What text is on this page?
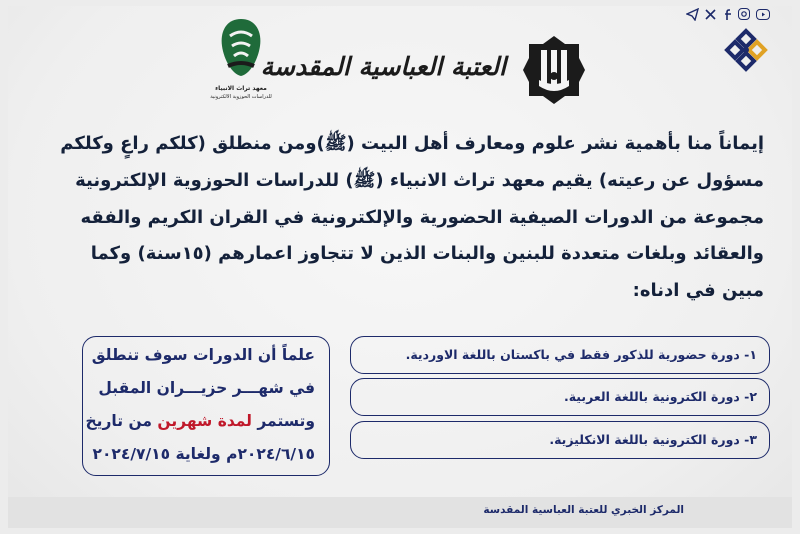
العتبة العباسية المقدسة
معهد تراث الانبياء
للدراسات الحوزوية الالكترونية

إيماناً منا بأهمية نشر علوم ومعارف أهل البيت (ﷺ)ومن منطلق (كلكم راعٍ وكلكم

مسؤول عن رعيته) يقيم معهد تراث الانبياء (ﷺ) للدراسات الحوزوية الإلكترونية

مجموعة من الدورات الصيفية الحضورية والإلكترونية في القران الكريم والفقه

والعقائد وبلغات متعددة للبنين والبنات الذين لا تتجاوز اعمارهم (١٥سنة) وكما

مبين في ادناه:

علماً أن الدورات سوف تنطلق
في شهـــر حزيـــران المقبل
وتستمر لمدة شهرين من تاريخ
٢٠٢٤/٦/١٥م ولغاية ٢٠٢٤/٧/١٥
١- دورة حضورية للذكور فقط في باكستان باللغة الاوردية.
٢- دورة الكترونية باللغة العربية.
٣- دورة الكترونية باللغة الانكليزية.
المركز الخبري للعتبة العباسية المقدسة
